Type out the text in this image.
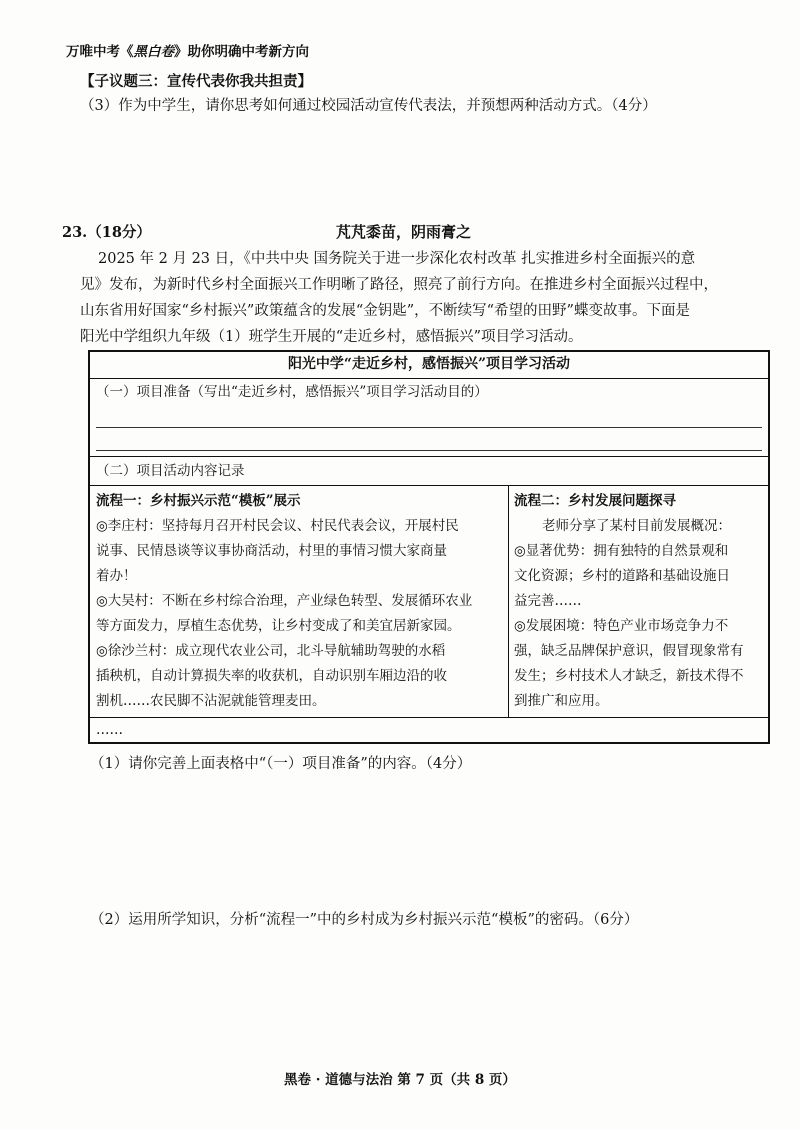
万唯中考《黑白卷》助你明确中考新方向
【子议题三：宣传代表你我共担责】
（3）作为中学生，请你思考如何通过校园活动宣传代表法，并预想两种活动方式。（4分）
23.（18分）	芃芃黍苗，阴雨膏之
2025 年 2 月 23 日，《中共中央 国务院关于进一步深化农村改革 扎实推进乡村全面振兴的意
见》发布，为新时代乡村全面振兴工作明晰了路径，照亮了前行方向。在推进乡村全面振兴过程中，
山东省用好国家“乡村振兴”政策蕴含的发展“金钥匙”，不断续写“希望的田野”蝶变故事。下面是
阳光中学组织九年级（1）班学生开展的“走近乡村，感悟振兴”项目学习活动。
阳光中学“走近乡村，感悟振兴”项目学习活动
（一）项目准备（写出“走近乡村，感悟振兴”项目学习活动目的）
（二）项目活动内容记录
流程一：乡村振兴示范“模板”展示
◎李庄村：坚持每月召开村民会议、村民代表会议，开展村民
说事、民情恳谈等议事协商活动，村里的事情习惯大家商量
着办！
◎大吴村：不断在乡村综合治理，产业绿色转型、发展循环农业
等方面发力，厚植生态优势，让乡村变成了和美宜居新家园。
◎徐沙兰村：成立现代农业公司，北斗导航辅助驾驶的水稻
插秧机，自动计算损失率的收获机，自动识别车厢边沿的收
割机……农民脚不沾泥就能管理麦田。
流程二：乡村发展问题探寻
老师分享了某村目前发展概况：
◎显著优势：拥有独特的自然景观和
文化资源；乡村的道路和基础设施日
益完善……
◎发展困境：特色产业市场竞争力不
强，缺乏品牌保护意识，假冒现象常有
发生；乡村技术人才缺乏，新技术得不
到推广和应用。
……
（1）请你完善上面表格中“（一）项目准备”的内容。（4分）
（2）运用所学知识，分析“流程一”中的乡村成为乡村振兴示范“模板”的密码。（6分）
黑卷 · 道德与法治 第 7 页（共 8 页）
